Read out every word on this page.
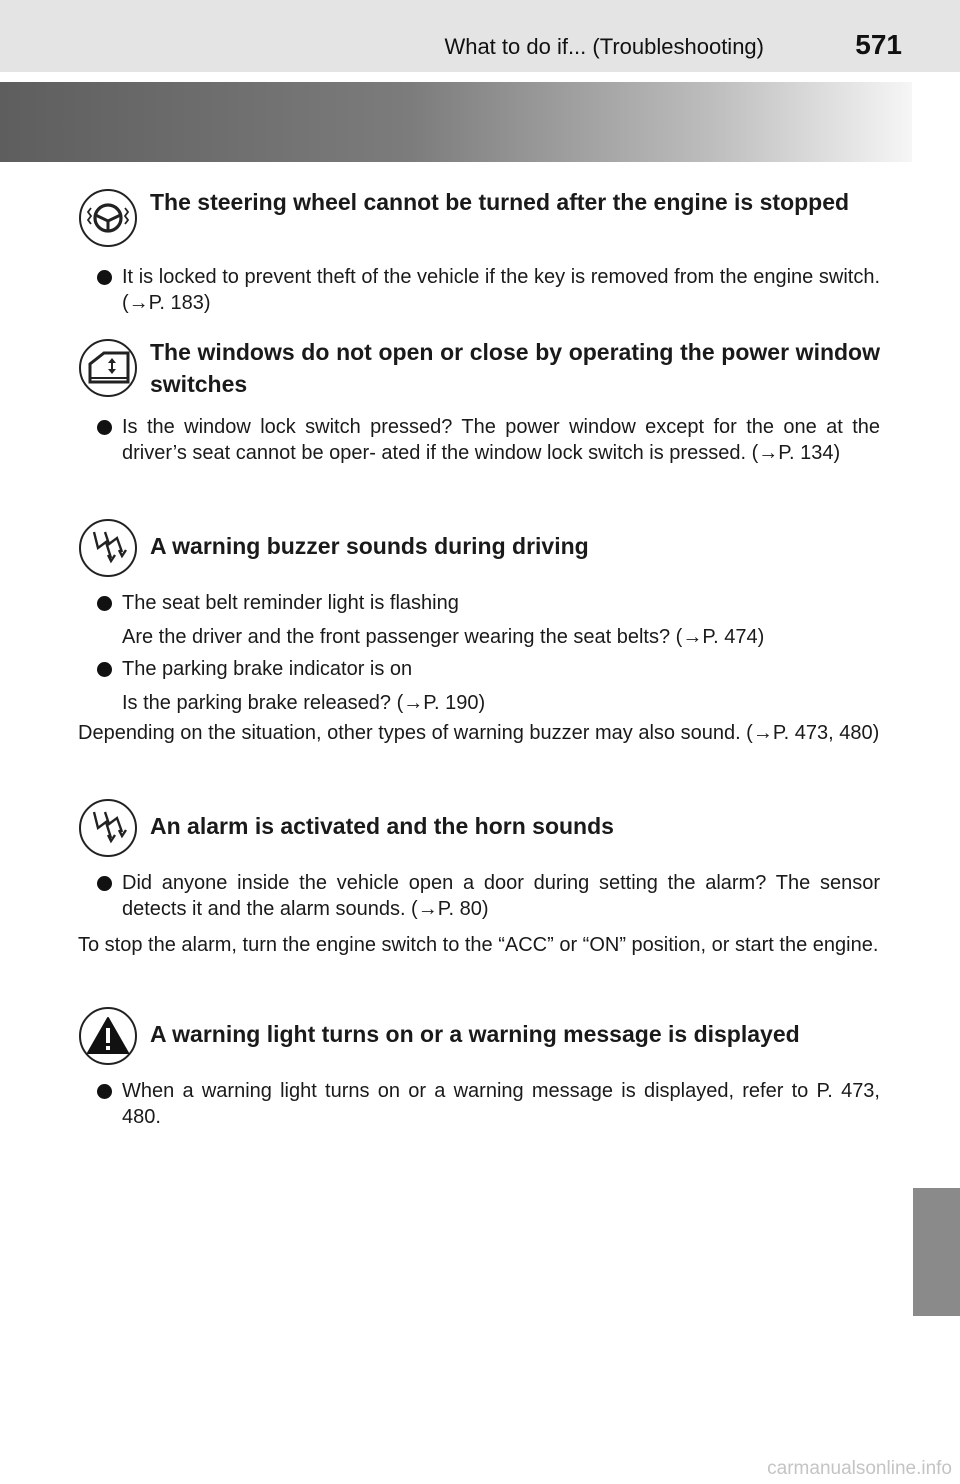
What to do if... (Troubleshooting)	571
The steering wheel cannot be turned after the engine is stopped
It is locked to prevent theft of the vehicle if the key is removed from the engine switch. (→P. 183)
The windows do not open or close by operating the power window switches
Is the window lock switch pressed? The power window except for the one at the driver’s seat cannot be oper- ated if the window lock switch is pressed. (→P. 134)
A warning buzzer sounds during driving
The seat belt reminder light is flashing
Are the driver and the front passenger wearing the seat belts? (→P. 474)
The parking brake indicator is on
Is the parking brake released? (→P. 190)
Depending on the situation, other types of warning buzzer may also sound. (→P. 473, 480)
An alarm is activated and the horn sounds
Did anyone inside the vehicle open a door during setting the alarm? The sensor detects it and the alarm sounds. (→P. 80)
To stop the alarm, turn the engine switch to the “ACC” or “ON” position, or start the engine.
A warning light turns on or a warning message is displayed
When a warning light turns on or a warning message is displayed, refer to P. 473, 480.
carmanualsonline.info
